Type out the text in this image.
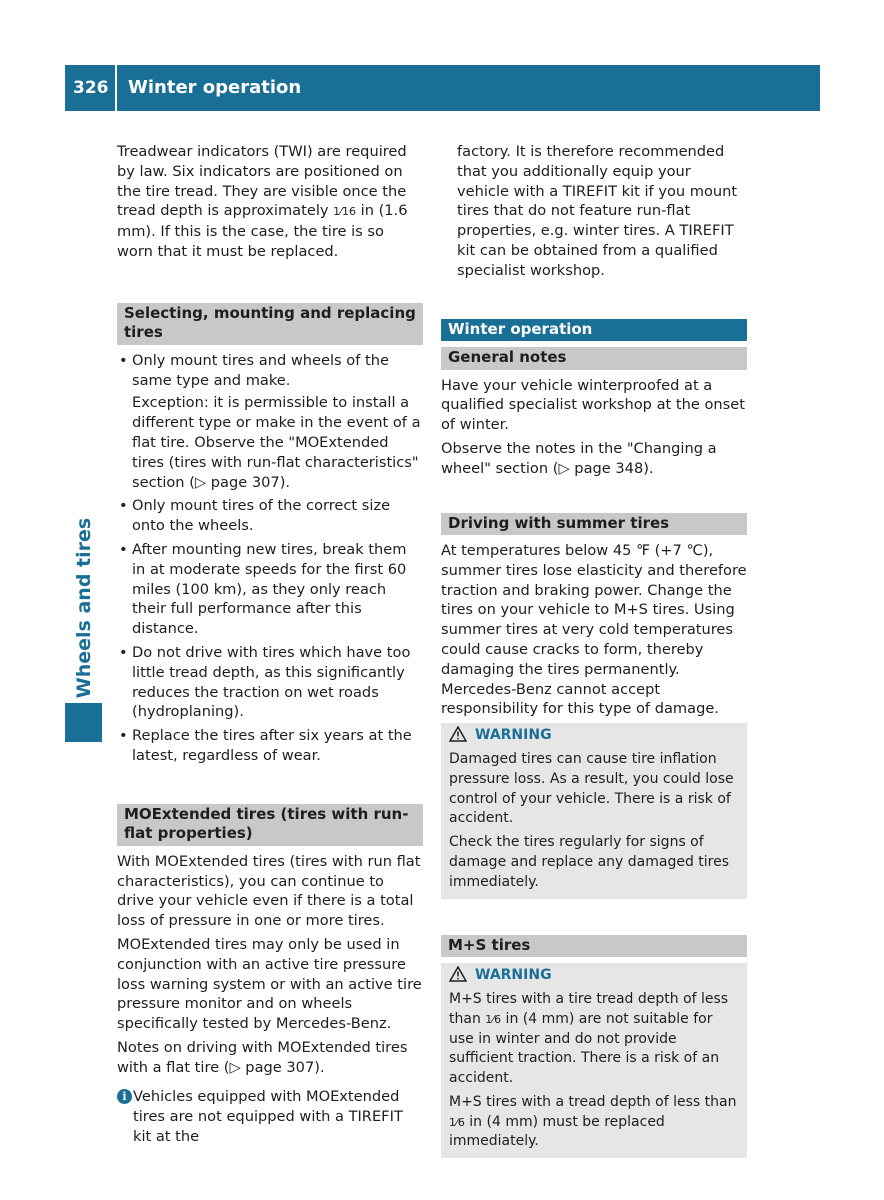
326 Winter operation
Wheels and tires

Treadwear indicators (TWI) are required by law. Six indicators are positioned on the tire tread. They are visible once the tread depth is approximately 1⁄16 in (1.6 mm). If this is the case, the tire is so worn that it must be replaced.

Selecting, mounting and replacing tires
• Only mount tires and wheels of the same type and make.

Exception: it is permissible to install a different type or make in the event of a flat tire. Observe the "MOExtended tires (tires with run-flat characteristics" section (▷ page 307).

• Only mount tires of the correct size onto the wheels.
• After mounting new tires, break them in at moderate speeds for the first 60 miles (100 km), as they only reach their full performance after this distance.
• Do not drive with tires which have too little tread depth, as this significantly reduces the traction on wet roads (hydroplaning).
• Replace the tires after six years at the latest, regardless of wear.
MOExtended tires (tires with run-flat properties)

With MOExtended tires (tires with run flat characteristics), you can continue to drive your vehicle even if there is a total loss of pressure in one or more tires.

MOExtended tires may only be used in conjunction with an active tire pressure loss warning system or with an active tire pressure monitor and on wheels specifically tested by Mercedes-Benz.

Notes on driving with MOExtended tires with a flat tire (▷ page 307).

i Vehicles equipped with MOExtended tires are not equipped with a TIREFIT kit at the

factory. It is therefore recommended that you additionally equip your vehicle with a TIREFIT kit if you mount tires that do not feature run-flat properties, e.g. winter tires. A TIREFIT kit can be obtained from a qualified specialist workshop.

Winter operation
General notes

Have your vehicle winterproofed at a qualified specialist workshop at the onset of winter.

Observe the notes in the "Changing a wheel" section (▷ page 348).

Driving with summer tires

At temperatures below 45 ℉ (+7 ℃), summer tires lose elasticity and therefore traction and braking power. Change the tires on your vehicle to M+S tires. Using summer tires at very cold temperatures could cause cracks to form, thereby damaging the tires permanently. Mercedes-Benz cannot accept responsibility for this type of damage.

WARNING

Damaged tires can cause tire inflation pressure loss. As a result, you could lose control of your vehicle. There is a risk of accident.

Check the tires regularly for signs of damage and replace any damaged tires immediately.

M+S tires
WARNING

M+S tires with a tire tread depth of less than 1⁄6 in (4 mm) are not suitable for use in winter and do not provide sufficient traction. There is a risk of an accident.

M+S tires with a tread depth of less than 1⁄6 in (4 mm) must be replaced immediately.
